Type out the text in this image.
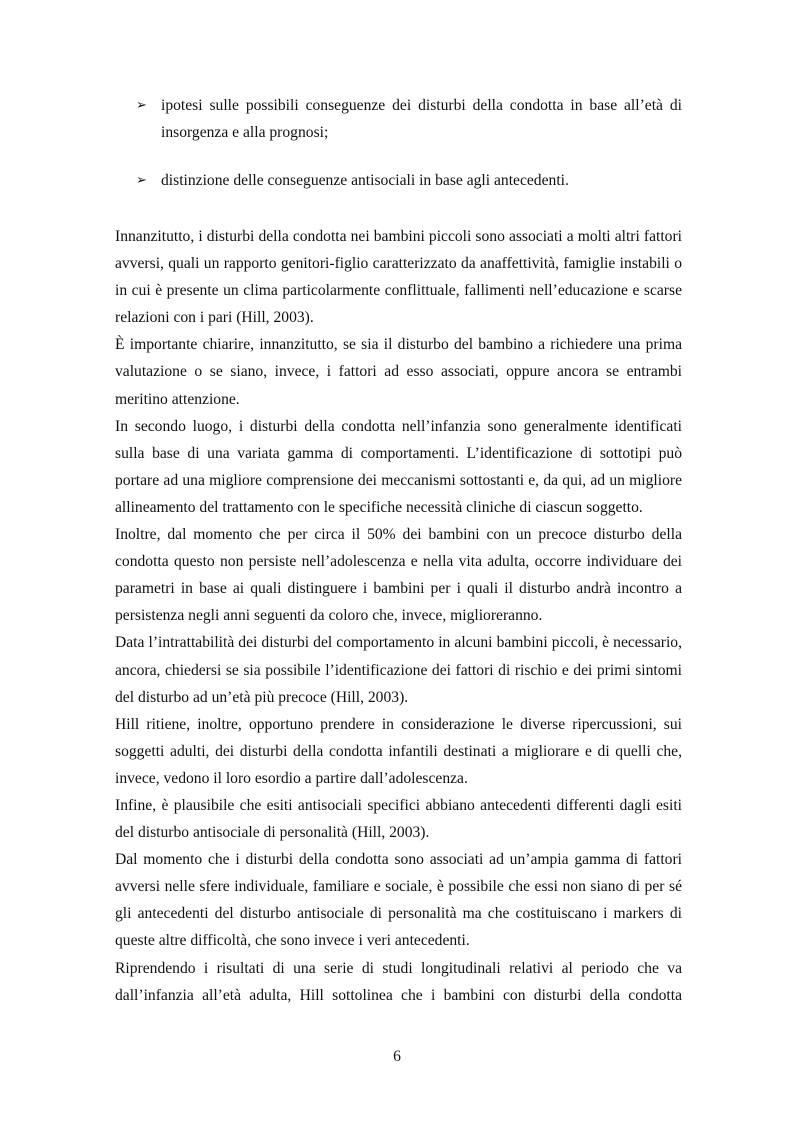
➢ ipotesi sulle possibili conseguenze dei disturbi della condotta in base all’età di insorgenza e alla prognosi;
➢ distinzione delle conseguenze antisociali in base agli antecedenti.

Innanzitutto, i disturbi della condotta nei bambini piccoli sono associati a molti altri fattori avversi, quali un rapporto genitori-figlio caratterizzato da anaffettività, famiglie instabili o in cui è presente un clima particolarmente conflittuale, fallimenti nell’educazione e scarse relazioni con i pari (Hill, 2003).

È importante chiarire, innanzitutto, se sia il disturbo del bambino a richiedere una prima valutazione o se siano, invece, i fattori ad esso associati, oppure ancora se entrambi meritino attenzione.

In secondo luogo, i disturbi della condotta nell’infanzia sono generalmente identificati sulla base di una variata gamma di comportamenti. L’identificazione di sottotipi può portare ad una migliore comprensione dei meccanismi sottostanti e, da qui, ad un migliore allineamento del trattamento con le specifiche necessità cliniche di ciascun soggetto.

Inoltre, dal momento che per circa il 50% dei bambini con un precoce disturbo della condotta questo non persiste nell’adolescenza e nella vita adulta, occorre individuare dei parametri in base ai quali distinguere i bambini per i quali il disturbo andrà incontro a persistenza negli anni seguenti da coloro che, invece, miglioreranno.

Data l’intrattabilità dei disturbi del comportamento in alcuni bambini piccoli, è necessario, ancora, chiedersi se sia possibile l’identificazione dei fattori di rischio e dei primi sintomi del disturbo ad un’età più precoce (Hill, 2003).

Hill ritiene, inoltre, opportuno prendere in considerazione le diverse ripercussioni, sui soggetti adulti, dei disturbi della condotta infantili destinati a migliorare e di quelli che, invece, vedono il loro esordio a partire dall’adolescenza.

Infine, è plausibile che esiti antisociali specifici abbiano antecedenti differenti dagli esiti del disturbo antisociale di personalità (Hill, 2003).

Dal momento che i disturbi della condotta sono associati ad un’ampia gamma di fattori avversi nelle sfere individuale, familiare e sociale, è possibile che essi non siano di per sé gli antecedenti del disturbo antisociale di personalità ma che costituiscano i markers di queste altre difficoltà, che sono invece i veri antecedenti.

Riprendendo i risultati di una serie di studi longitudinali relativi al periodo che va dall’infanzia all’età adulta, Hill sottolinea che i bambini con disturbi della condotta

6
